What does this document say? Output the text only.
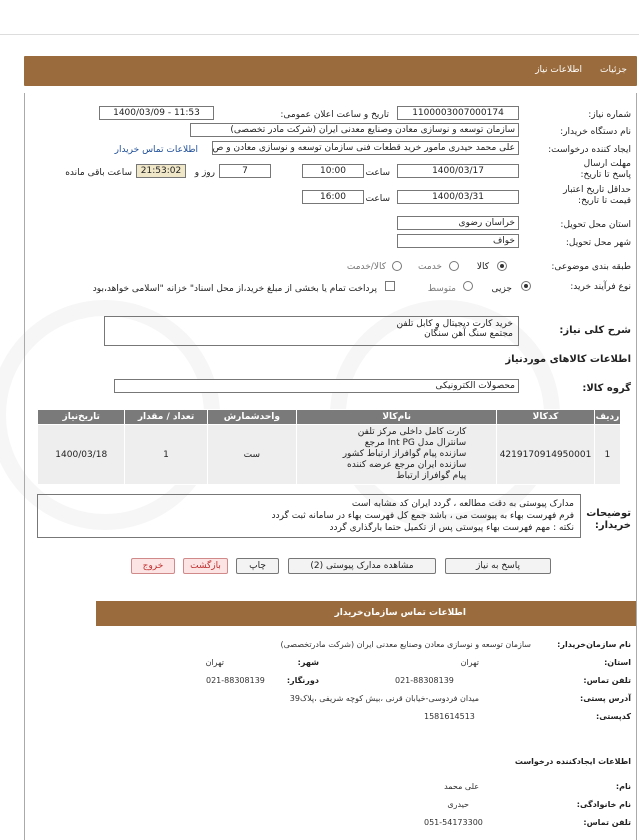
جزئیات
اطلاعات نیاز
شماره نیاز:
1100003007000174
تاریخ و ساعت اعلان عمومی:
1400/03/09 - 11:53
نام دستگاه خریدار:
سازمان توسعه و نوسازی معادن وصنایع معدنی ایران (شرکت مادر تخصصی)
ایجاد کننده درخواست:
علی محمد حیدری مامور خرید قطعات فنی سازمان توسعه و نوسازی معادن و ص
اطلاعات تماس خریدار
مهلت ارسال پاسخ تا تاریخ:
1400/03/17
ساعت
10:00
7
روز و
21:53:02
ساعت باقی مانده
حداقل تاریخ اعتبار قیمت تا تاریخ:
1400/03/31
ساعت
16:00
استان محل تحویل:
خراسان رضوی
شهر محل تحویل:
خواف
طبقه بندی موضوعی:
کالا
خدمت
کالا/خدمت
نوع فرآیند خرید:
جزیی
متوسط
پرداخت تمام یا بخشی از مبلغ خرید،از محل اسناد" خزانه "اسلامی خواهد،بود
شرح کلی نیاز:
خرید کارت دیجیتال و کابل تلفن
مجتمع سنگ آهن سنگان
اطلاعات کالاهای موردنیاز
گروه کالا:
محصولات الکترونیکی
ردیف	کدکالا	نام‌کالا	واحدشمارش	تعداد / مقدار	تاریخ‌نیاز
1	4219170914950001	کارت کامل داخلی مرکز تلفن سانترال مدل Int PG مرجع سازنده پیام گوافراز ارتباط کشور سازنده ایران مرجع عرضه کننده پیام گوافراز ارتباط	ست	1	1400/03/18
توضیحات خریدار:
مدارک پیوستی به دقت مطالعه ، گردد ایران کد مشابه است
فرم فهرست بهاء به پیوست می ، باشد جمع کل فهرست بهاء در سامانه ثبت گردد
نکته : مهم فهرست بهاء پیوستی پس از تکمیل حتما بارگذاری گردد
پاسخ به نیاز
مشاهده مدارک پیوستی (2)
چاپ
بازگشت
خروج
اطلاعات تماس سازمان‌خریدار
نام سازمان‌خریدار:
سازمان توسعه و نوسازی معادن وصنایع معدنی ایران (شرکت مادرتخصصی)
استان:
تهران
شهر:
تهران
تلفن تماس:
021-88308139
دورنگار:
021-88308139
آدرس پستی:
میدان فردوسی-خیابان قرنی ،بیش کوچه شریفی ،پلاک39
کدپستی:
1581614513
اطلاعات ایجادکننده درخواست
نام:
علی محمد
نام خانوادگی:
حیدری
تلفن تماس:
051-54173300
